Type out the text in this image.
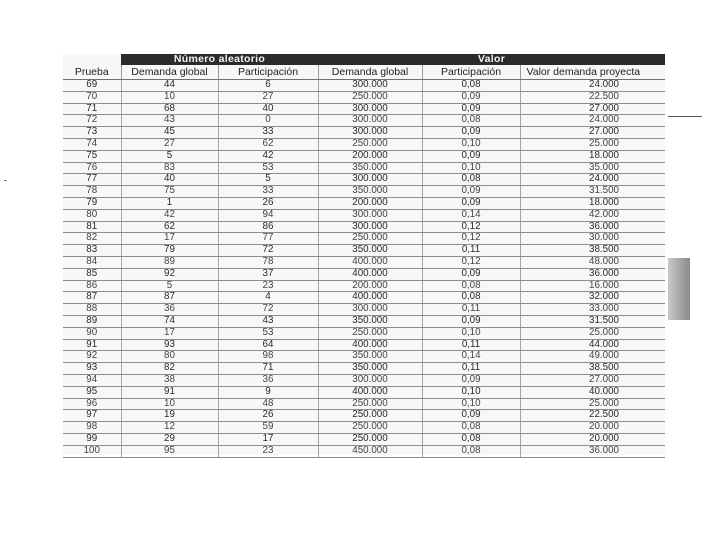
	Número aleatorio		Valor		
Prueba	Demanda global	Participación	Demanda global	Participación	Valor demanda proyecta
69	44	6	300.000	0,08	24.000
70	10	27	250.000	0,09	22.500
71	68	40	300.000	0,09	27.000
72	43	0	300.000	0,08	24.000
73	45	33	300.000	0,09	27.000
74	27	62	250.000	0,10	25.000
75	5	42	200.000	0,09	18.000
76	83	53	350.000	0,10	35.000
77	40	5	300.000	0,08	24.000
78	75	33	350.000	0,09	31.500
79	1	26	200.000	0,09	18.000
80	42	94	300.000	0,14	42.000
81	62	86	300.000	0,12	36.000
82	17	77	250.000	0,12	30.000
83	79	72	350.000	0,11	38.500
84	89	78	400.000	0,12	48.000
85	92	37	400.000	0,09	36.000
86	5	23	200.000	0,08	16.000
87	87	4	400.000	0,08	32.000
88	36	72	300.000	0,11	33.000
89	74	43	350.000	0,09	31.500
90	17	53	250.000	0,10	25.000
91	93	64	400.000	0,11	44.000
92	80	98	350.000	0,14	49.000
93	82	71	350.000	0,11	38.500
94	38	36	300.000	0,09	27.000
95	91	9	400.000	0,10	40.000
96	10	48	250.000	0,10	25.000
97	19	26	250.000	0,09	22.500
98	12	59	250.000	0,08	20.000
99	29	17	250.000	0,08	20.000
100	95	23	450.000	0,08	36.000
